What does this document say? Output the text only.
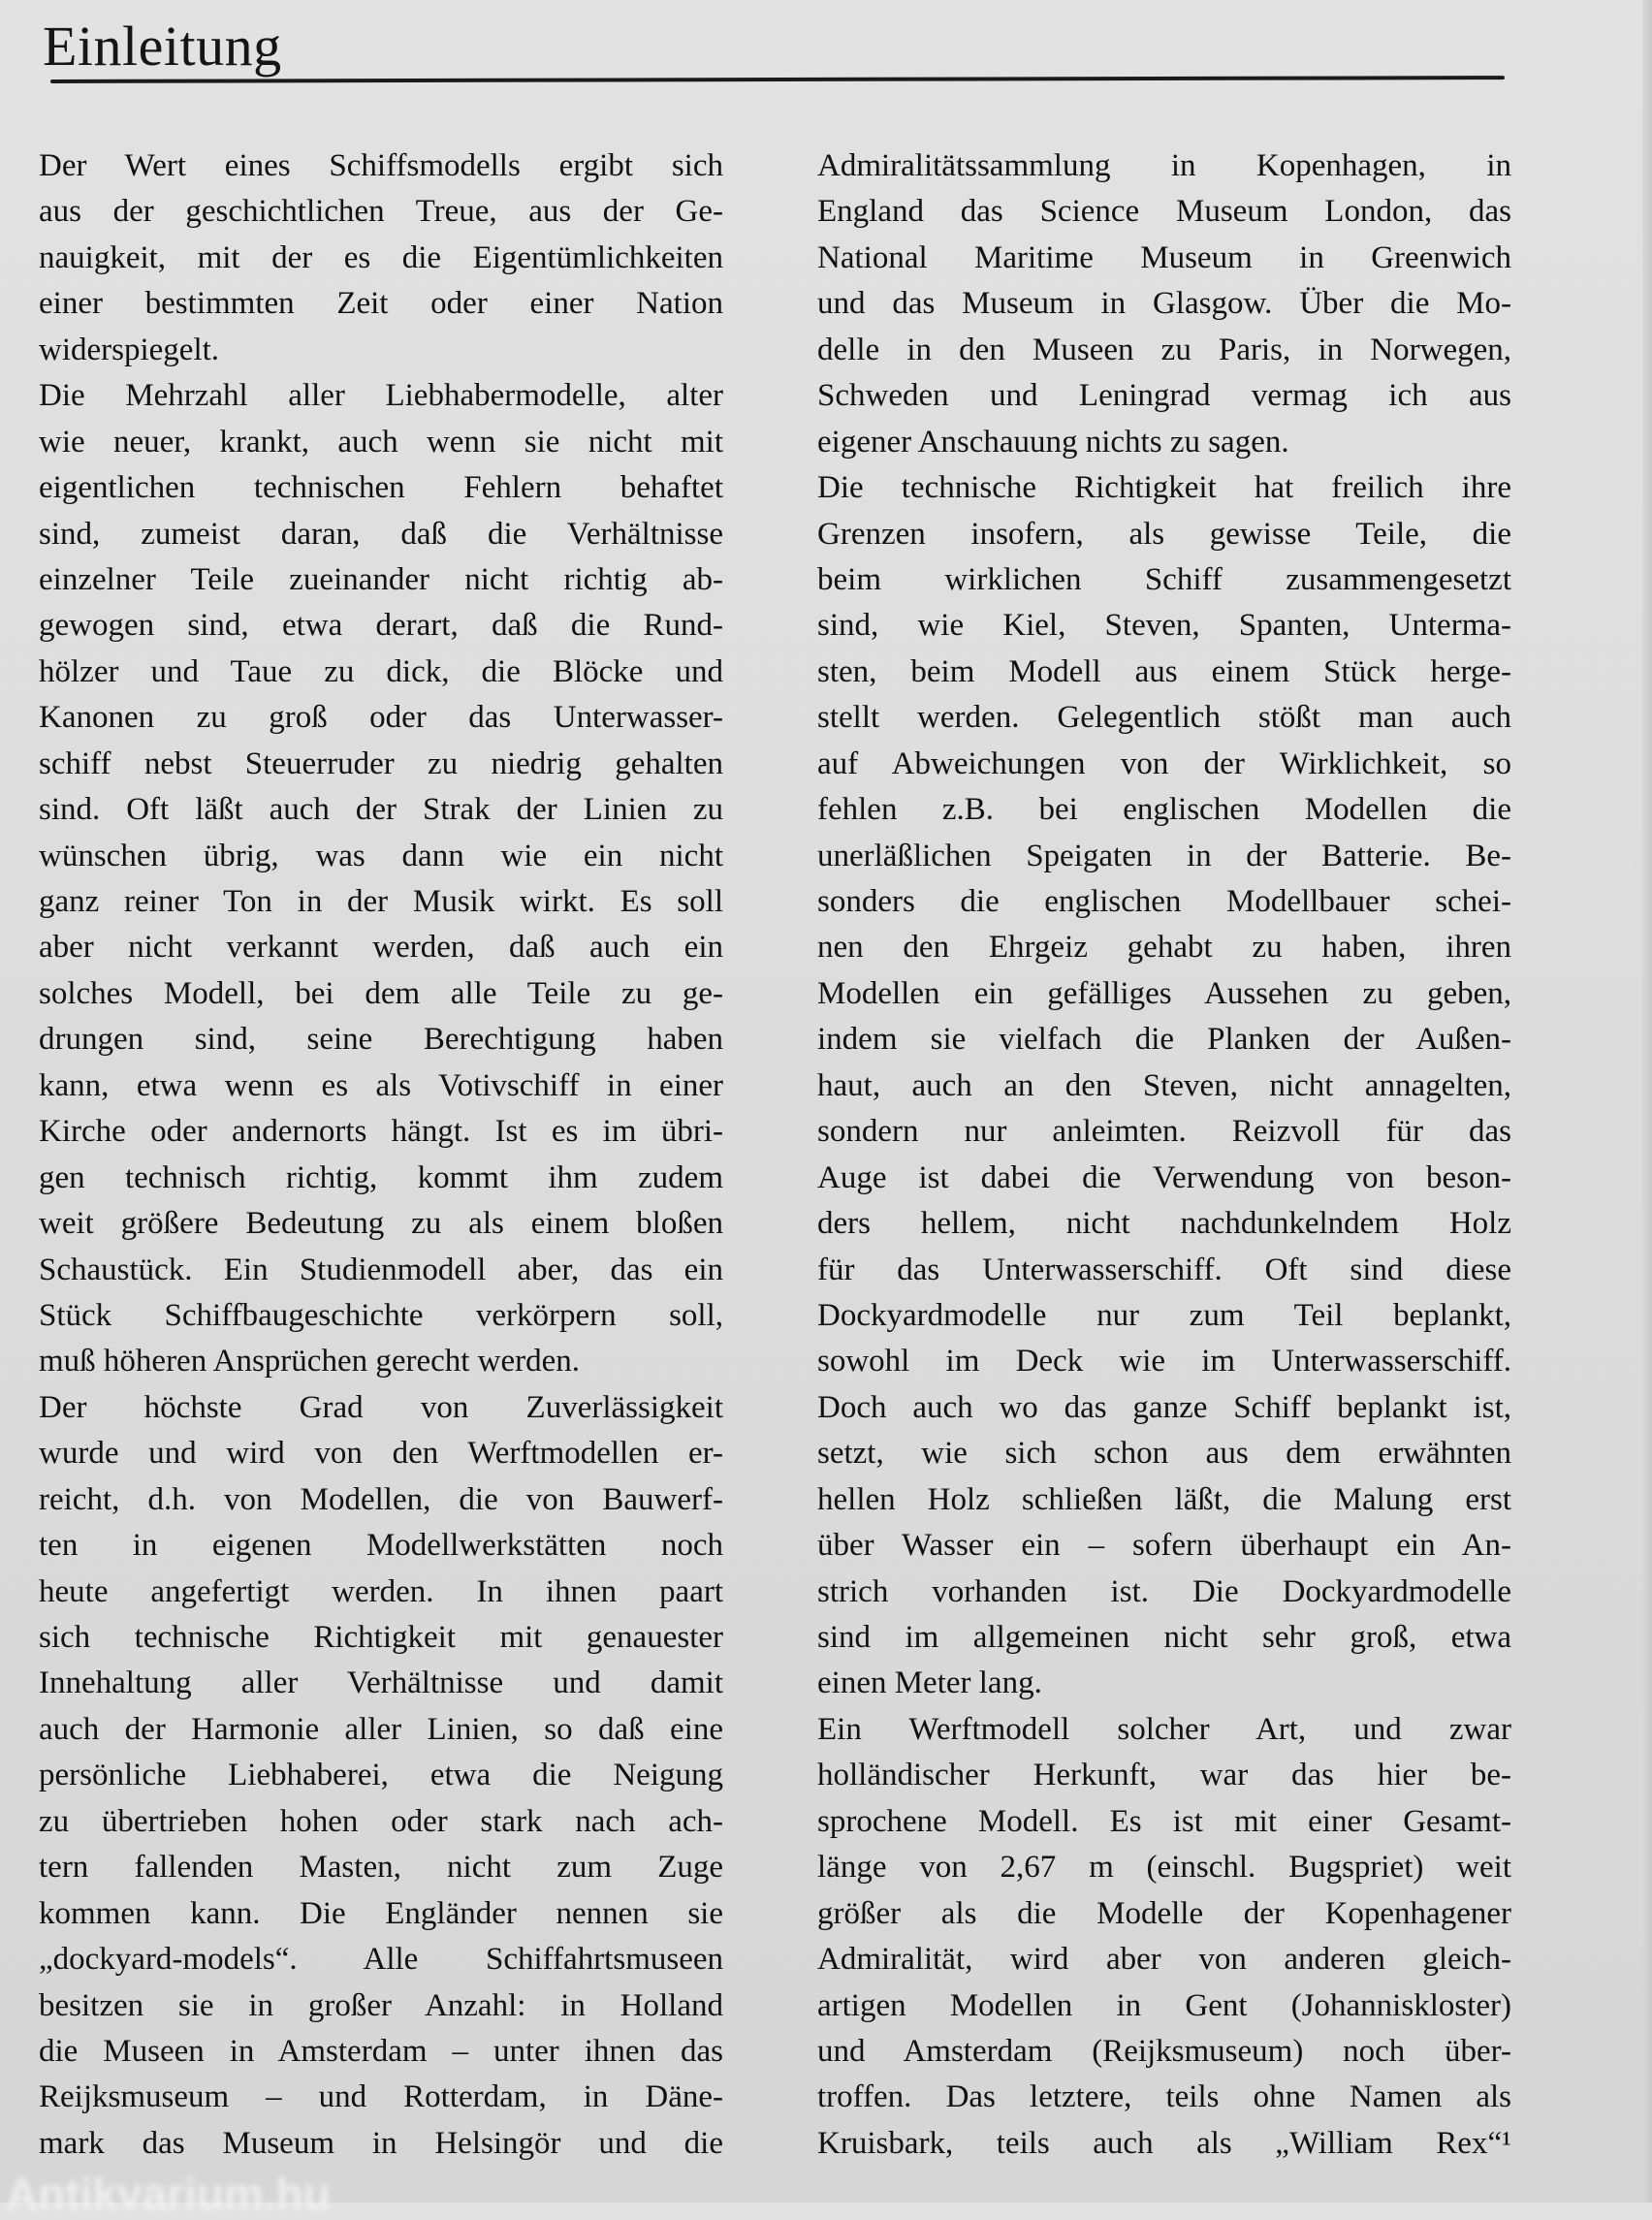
Einleitung
Der Wert eines Schiffsmodells ergibt sich
aus der geschichtlichen Treue, aus der Ge-
nauigkeit, mit der es die Eigentümlichkeiten
einer bestimmten Zeit oder einer Nation
widerspiegelt.
Die Mehrzahl aller Liebhabermodelle, alter
wie neuer, krankt, auch wenn sie nicht mit
eigentlichen technischen Fehlern behaftet
sind, zumeist daran, daß die Verhältnisse
einzelner Teile zueinander nicht richtig ab-
gewogen sind, etwa derart, daß die Rund-
hölzer und Taue zu dick, die Blöcke und
Kanonen zu groß oder das Unterwasser-
schiff nebst Steuerruder zu niedrig gehalten
sind. Oft läßt auch der Strak der Linien zu
wünschen übrig, was dann wie ein nicht
ganz reiner Ton in der Musik wirkt. Es soll
aber nicht verkannt werden, daß auch ein
solches Modell, bei dem alle Teile zu ge-
drungen sind, seine Berechtigung haben
kann, etwa wenn es als Votivschiff in einer
Kirche oder andernorts hängt. Ist es im übri-
gen technisch richtig, kommt ihm zudem
weit größere Bedeutung zu als einem bloßen
Schaustück. Ein Studienmodell aber, das ein
Stück Schiffbaugeschichte verkörpern soll,
muß höheren Ansprüchen gerecht werden.
Der höchste Grad von Zuverlässigkeit
wurde und wird von den Werftmodellen er-
reicht, d.h. von Modellen, die von Bauwerf-
ten in eigenen Modellwerkstätten noch
heute angefertigt werden. In ihnen paart
sich technische Richtigkeit mit genauester
Innehaltung aller Verhältnisse und damit
auch der Harmonie aller Linien, so daß eine
persönliche Liebhaberei, etwa die Neigung
zu übertrieben hohen oder stark nach ach-
tern fallenden Masten, nicht zum Zuge
kommen kann. Die Engländer nennen sie
„dockyard-models“. Alle Schiffahrtsmuseen
besitzen sie in großer Anzahl: in Holland
die Museen in Amsterdam – unter ihnen das
Reijksmuseum – und Rotterdam, in Däne-
mark das Museum in Helsingör und die
Admiralitätssammlung in Kopenhagen, in
England das Science Museum London, das
National Maritime Museum in Greenwich
und das Museum in Glasgow. Über die Mo-
delle in den Museen zu Paris, in Norwegen,
Schweden und Leningrad vermag ich aus
eigener Anschauung nichts zu sagen.
Die technische Richtigkeit hat freilich ihre
Grenzen insofern, als gewisse Teile, die
beim wirklichen Schiff zusammengesetzt
sind, wie Kiel, Steven, Spanten, Unterma-
sten, beim Modell aus einem Stück herge-
stellt werden. Gelegentlich stößt man auch
auf Abweichungen von der Wirklichkeit, so
fehlen z.B. bei englischen Modellen die
unerläßlichen Speigaten in der Batterie. Be-
sonders die englischen Modellbauer schei-
nen den Ehrgeiz gehabt zu haben, ihren
Modellen ein gefälliges Aussehen zu geben,
indem sie vielfach die Planken der Außen-
haut, auch an den Steven, nicht annagelten,
sondern nur anleimten. Reizvoll für das
Auge ist dabei die Verwendung von beson-
ders hellem, nicht nachdunkelndem Holz
für das Unterwasserschiff. Oft sind diese
Dockyardmodelle nur zum Teil beplankt,
sowohl im Deck wie im Unterwasserschiff.
Doch auch wo das ganze Schiff beplankt ist,
setzt, wie sich schon aus dem erwähnten
hellen Holz schließen läßt, die Malung erst
über Wasser ein – sofern überhaupt ein An-
strich vorhanden ist. Die Dockyardmodelle
sind im allgemeinen nicht sehr groß, etwa
einen Meter lang.
Ein Werftmodell solcher Art, und zwar
holländischer Herkunft, war das hier be-
sprochene Modell. Es ist mit einer Gesamt-
länge von 2,67 m (einschl. Bugspriet) weit
größer als die Modelle der Kopenhagener
Admiralität, wird aber von anderen gleich-
artigen Modellen in Gent (Johanniskloster)
und Amsterdam (Reijksmuseum) noch über-
troffen. Das letztere, teils ohne Namen als
Kruisbark, teils auch als „William Rex“¹
Antikvarium.hu
